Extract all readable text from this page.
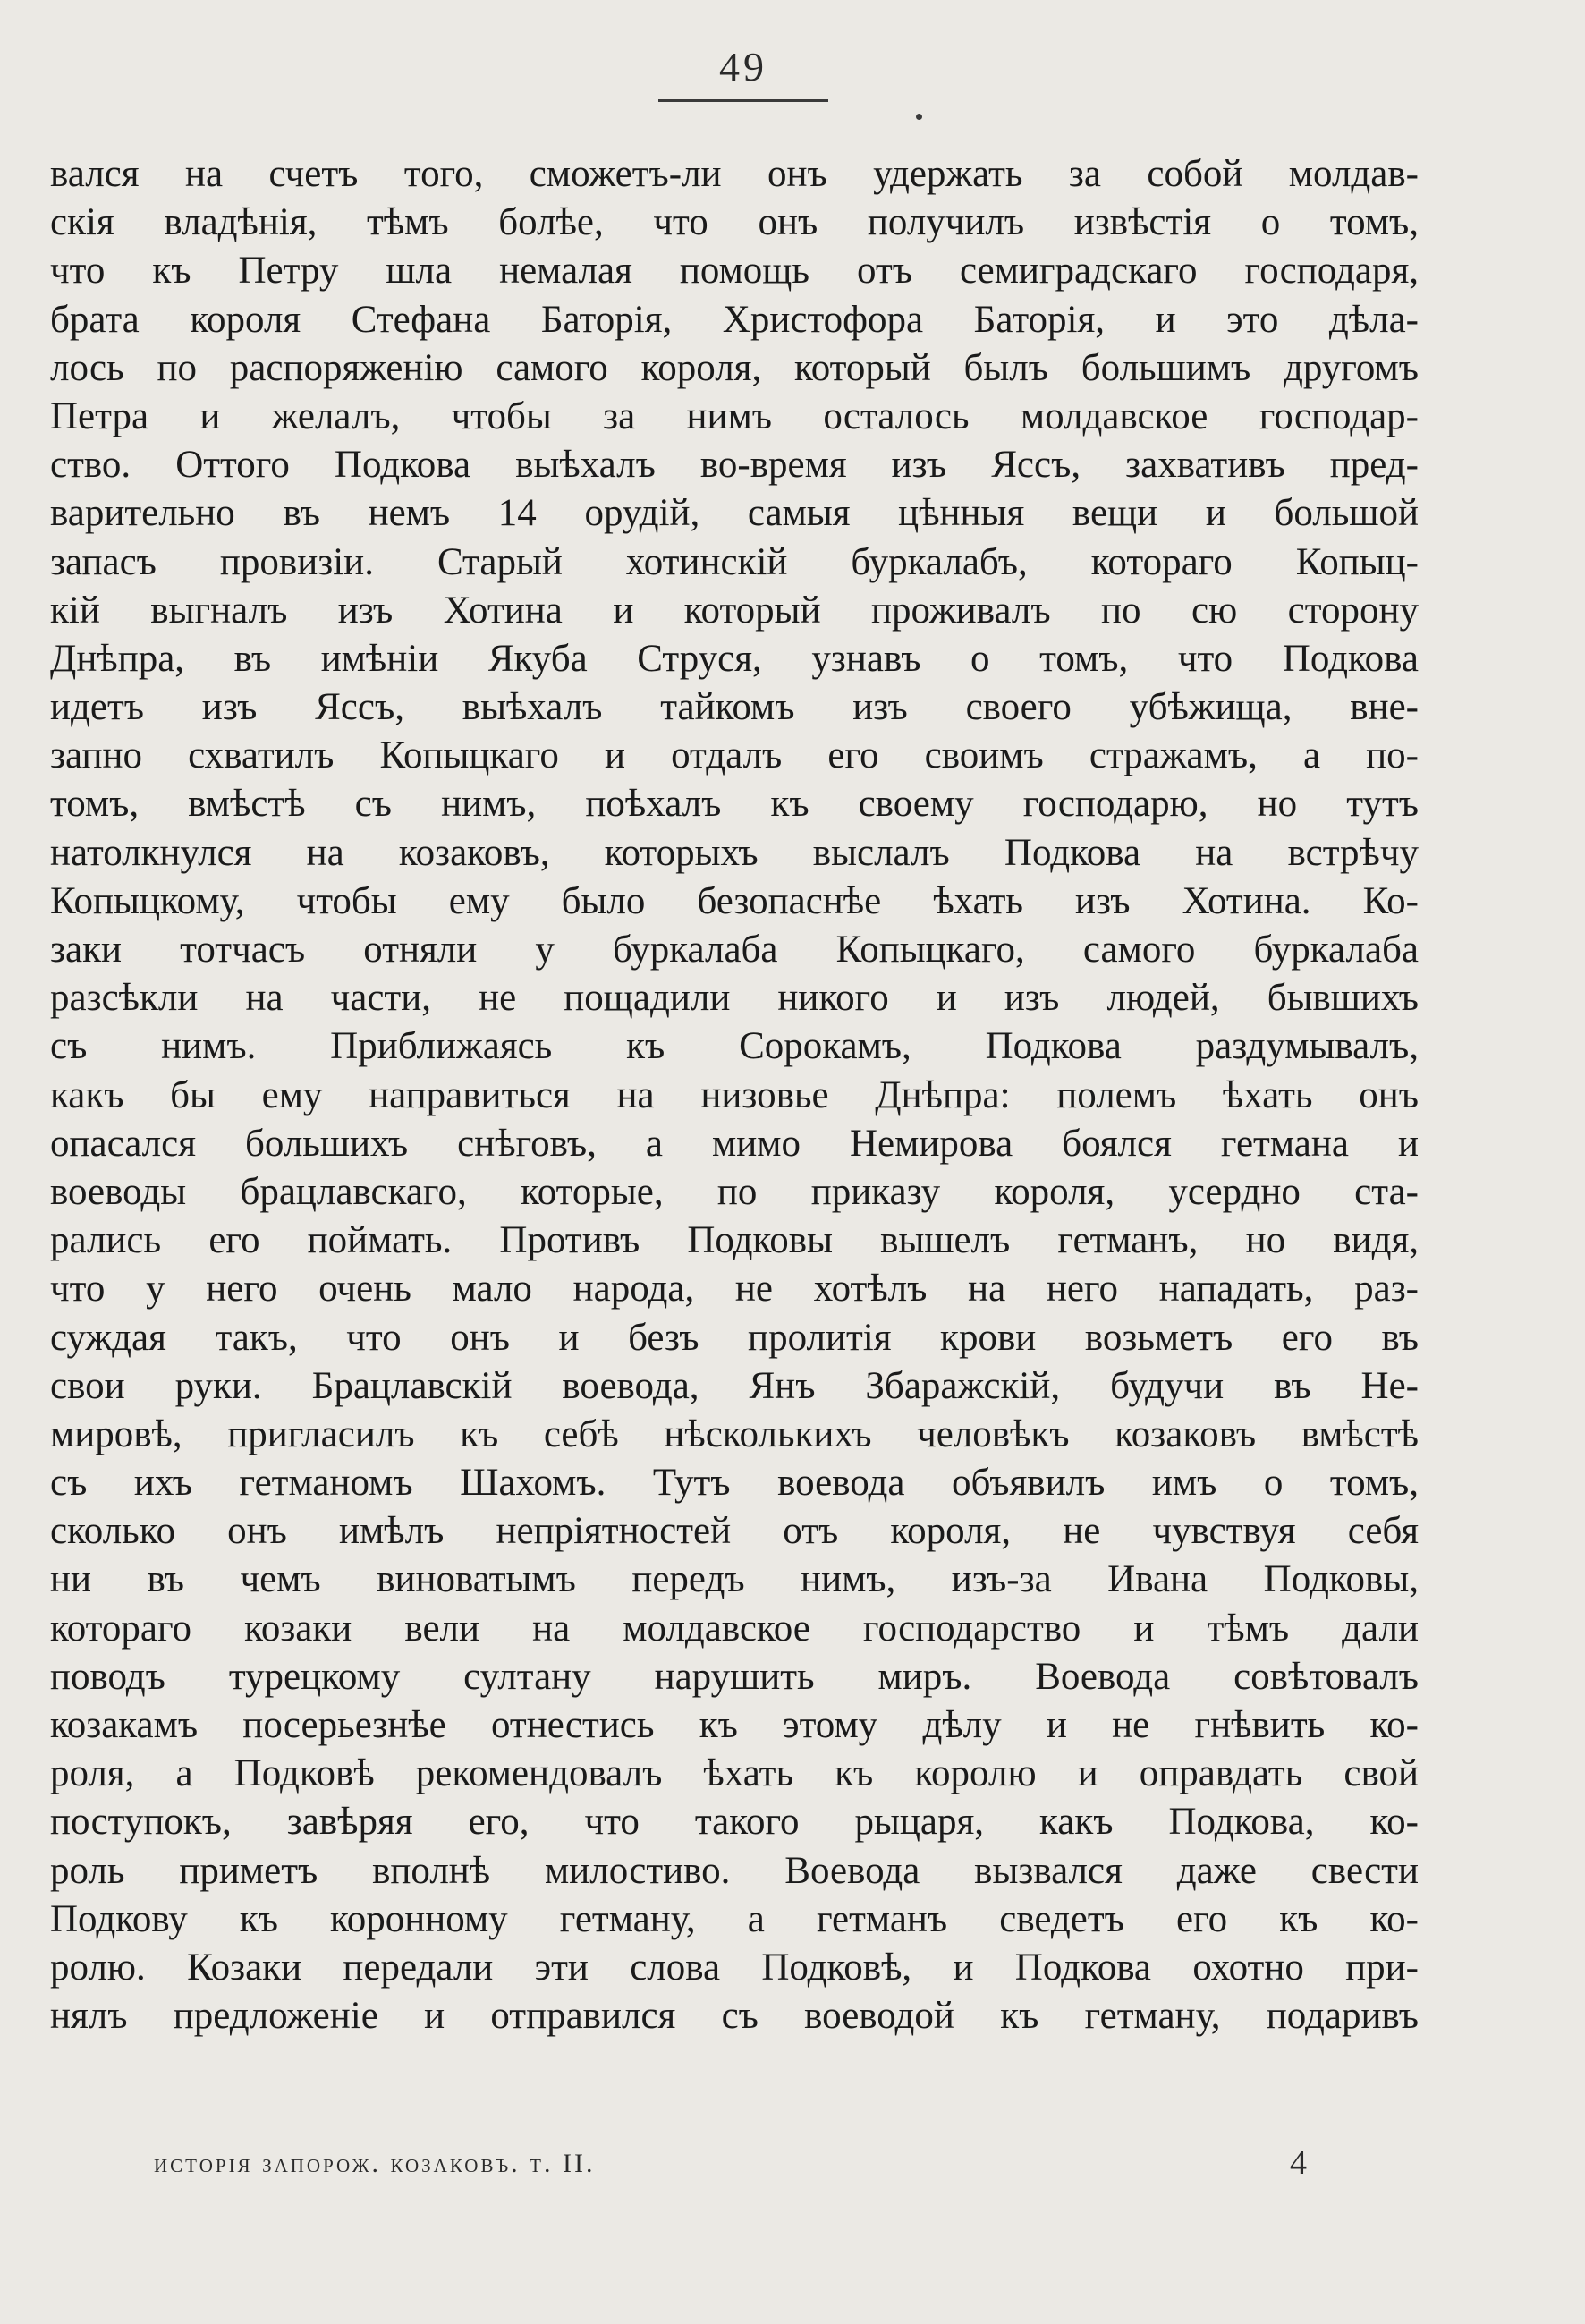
49
вался на счетъ того, сможетъ-ли онъ удержать за собой молдав-
скія владѣнія, тѣмъ болѣе, что онъ получилъ извѣстія о томъ,
что къ Петру шла немалая помощь отъ семиградскаго господаря,
брата короля Стефана Баторія, Христофора Баторія, и это дѣла-
лось по распоряженію самого короля, который былъ большимъ другомъ
Петра и желалъ, чтобы за нимъ осталось молдавское господар-
ство. Оттого Подкова выѣхалъ во-время изъ Яссъ, захвативъ пред-
варительно въ немъ 14 орудій, самыя цѣнныя вещи и большой
запасъ провизіи. Старый хотинскій буркалабъ, котораго Копыц-
кій выгналъ изъ Хотина и который проживалъ по сю сторону
Днѣпра, въ имѣніи Якуба Струся, узнавъ о томъ, что Подкова
идетъ изъ Яссъ, выѣхалъ тайкомъ изъ своего убѣжища, вне-
запно схватилъ Копыцкаго и отдалъ его своимъ стражамъ, а по-
томъ, вмѣстѣ съ нимъ, поѣхалъ къ своему господарю, но тутъ
натолкнулся на козаковъ, которыхъ выслалъ Подкова на встрѣчу
Копыцкому, чтобы ему было безопаснѣе ѣхать изъ Хотина. Ко-
заки тотчасъ отняли у буркалаба Копыцкаго, самого буркалаба
разсѣкли на части, не пощадили никого и изъ людей, бывшихъ
съ нимъ. Приближаясь къ Сорокамъ, Подкова раздумывалъ,
какъ бы ему направиться на низовье Днѣпра: полемъ ѣхать онъ
опасался большихъ снѣговъ, а мимо Немирова боялся гетмана и
воеводы брацлавскаго, которые, по приказу короля, усердно ста-
рались его поймать. Противъ Подковы вышелъ гетманъ, но видя,
что у него очень мало народа, не хотѣлъ на него нападать, раз-
суждая такъ, что онъ и безъ пролитія крови возьметъ его въ
свои руки. Брацлавскій воевода, Янъ Збаражскій, будучи въ Не-
мировѣ, пригласилъ къ себѣ нѣсколькихъ человѣкъ козаковъ вмѣстѣ
съ ихъ гетманомъ Шахомъ. Тутъ воевода объявилъ имъ о томъ,
сколько онъ имѣлъ непріятностей отъ короля, не чувствуя себя
ни въ чемъ виноватымъ передъ нимъ, изъ-за Ивана Подковы,
котораго козаки вели на молдавское господарство и тѣмъ дали
поводъ турецкому султану нарушить миръ. Воевода совѣтовалъ
козакамъ посерьезнѣе отнестись къ этому дѣлу и не гнѣвить ко-
роля, а Подковѣ рекомендовалъ ѣхать къ королю и оправдать свой
поступокъ, завѣряя его, что такого рыцаря, какъ Подкова, ко-
роль приметъ вполнѣ милостиво. Воевода вызвался даже свести
Подкову къ коронному гетману, а гетманъ сведетъ его къ ко-
ролю. Козаки передали эти слова Подковѣ, и Подкова охотно при-
нялъ предложеніе и отправился съ воеводой къ гетману, подаривъ
исторія запорож. козаковъ. т. II.	4
